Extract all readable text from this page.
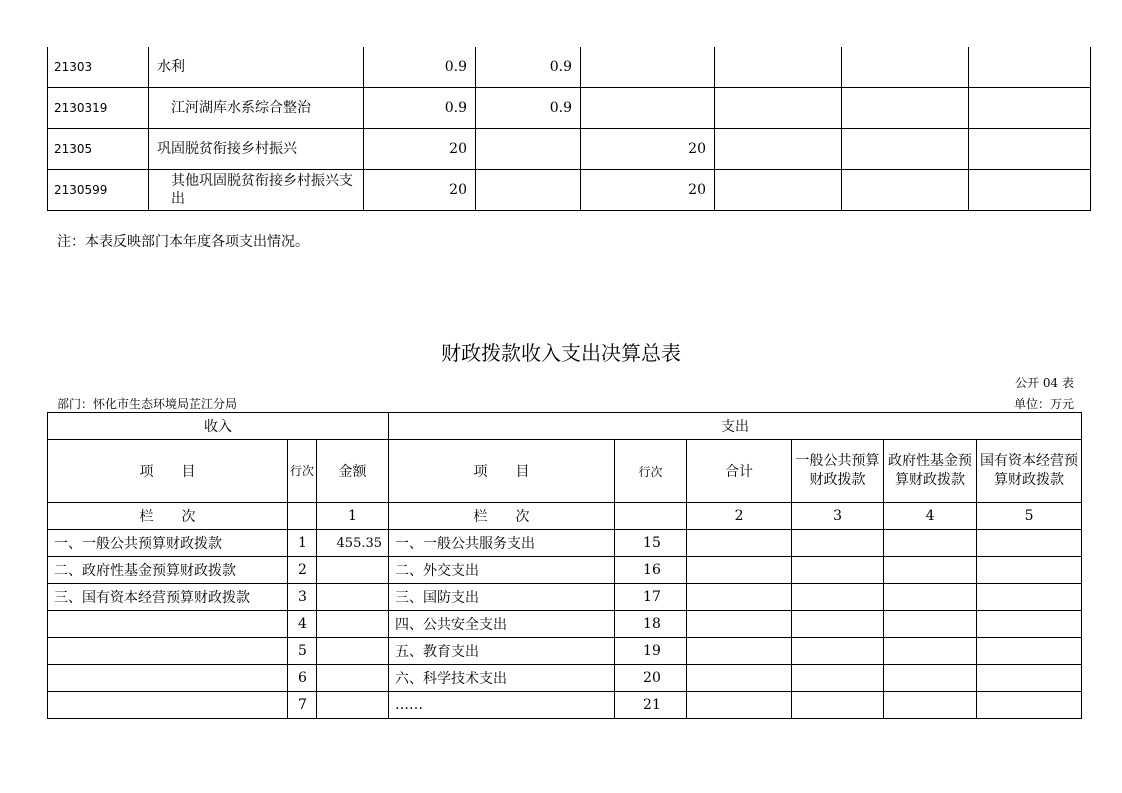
21303	水利	0.9	0.9				
2130319	江河湖库水系综合整治	0.9	0.9				
21305	巩固脱贫衔接乡村振兴	20		20			
2130599	其他巩固脱贫衔接乡村振兴支出	20		20			
注：本表反映部门本年度各项支出情况。
财政拨款收入支出决算总表
公开 04 表
部门：怀化市生态环境局芷江分局	单位：万元
收入			支出					
项　　目	行次	金额	项　　目	行次	合计	一般公共预算财政拨款	政府性基金预算财政拨款	国有资本经营预算财政拨款
栏　　次		1	栏　　次		2	3	4	5
一、一般公共预算财政拨款	1	455.35	一、一般公共服务支出	15				
二、政府性基金预算财政拨款	2		二、外交支出	16				
三、国有资本经营预算财政拨款	3		三、国防支出	17				
	4		四、公共安全支出	18				
	5		五、教育支出	19				
	6		六、科学技术支出	20				
	7		……	21				
